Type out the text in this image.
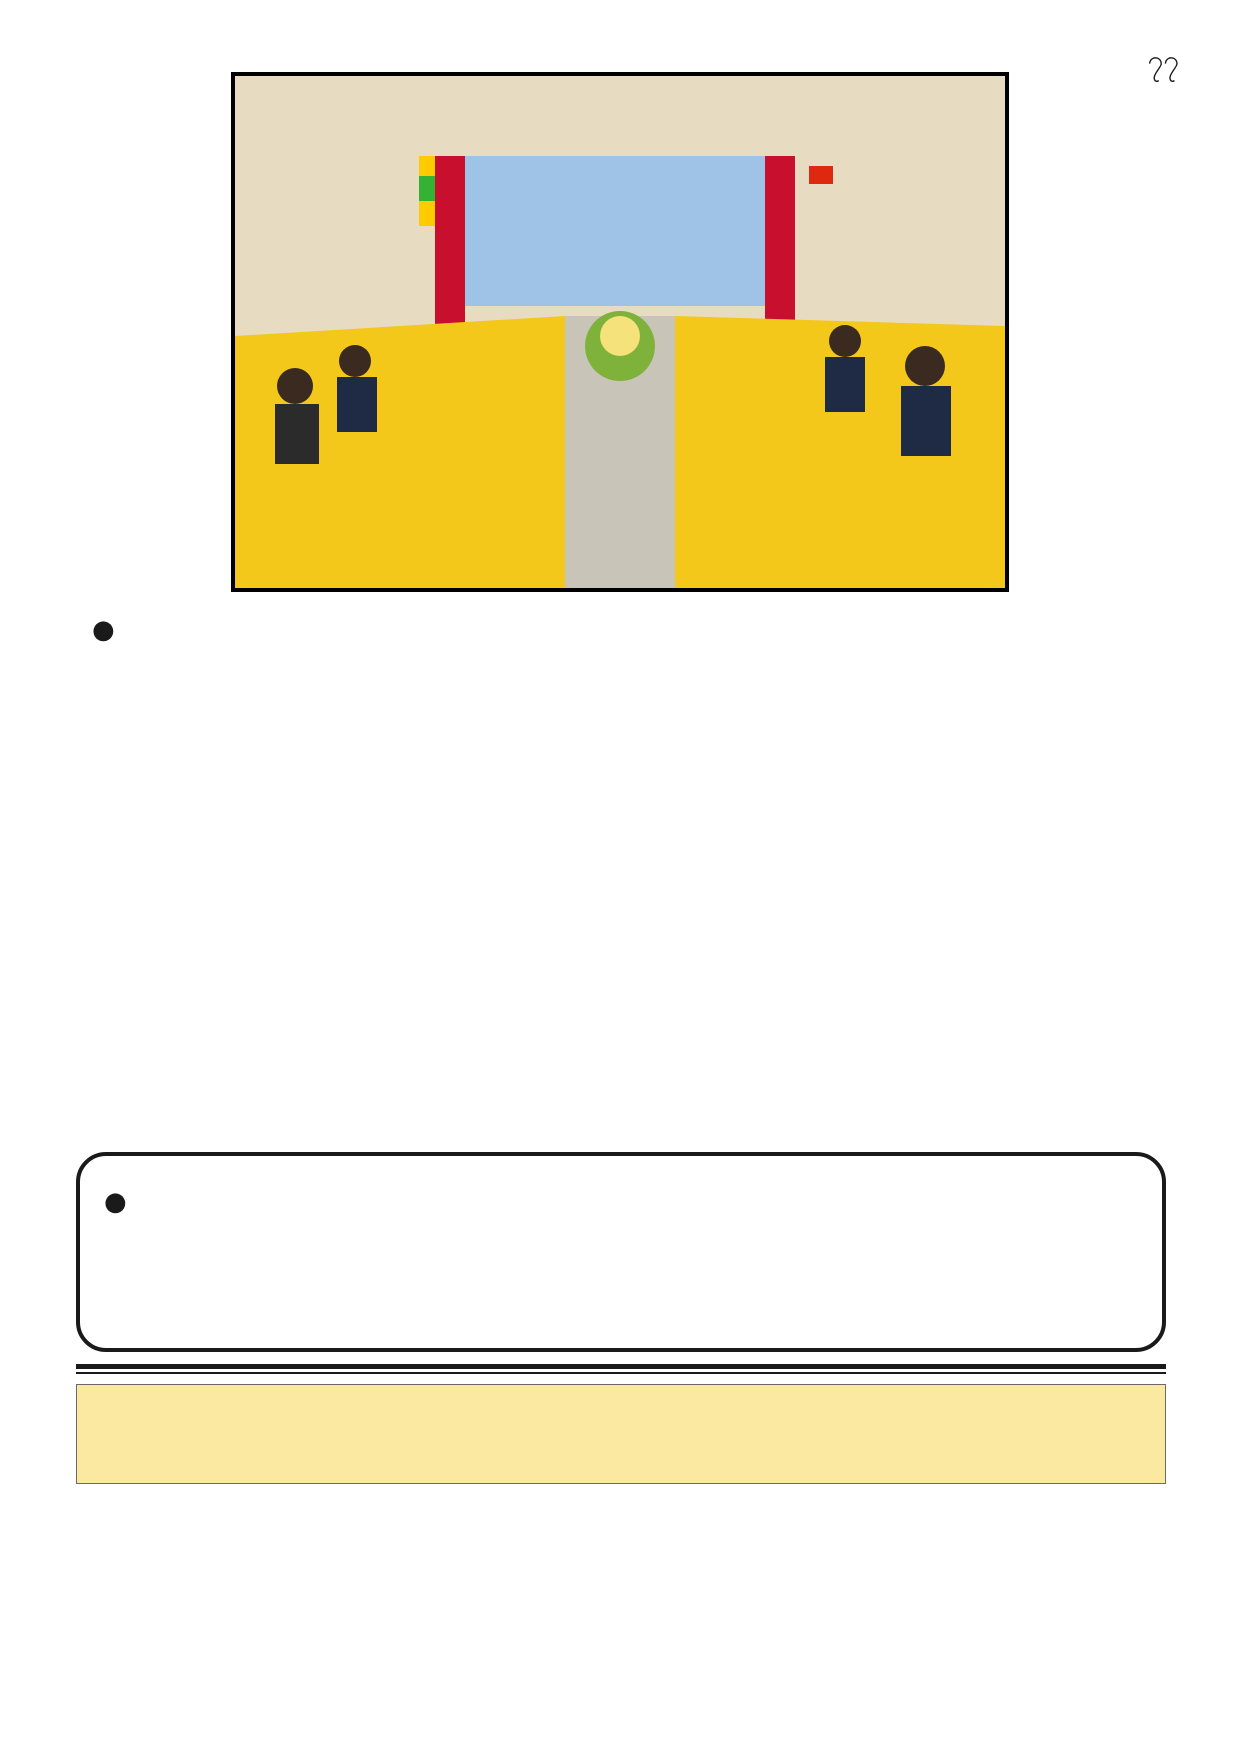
၇၇
●
●
